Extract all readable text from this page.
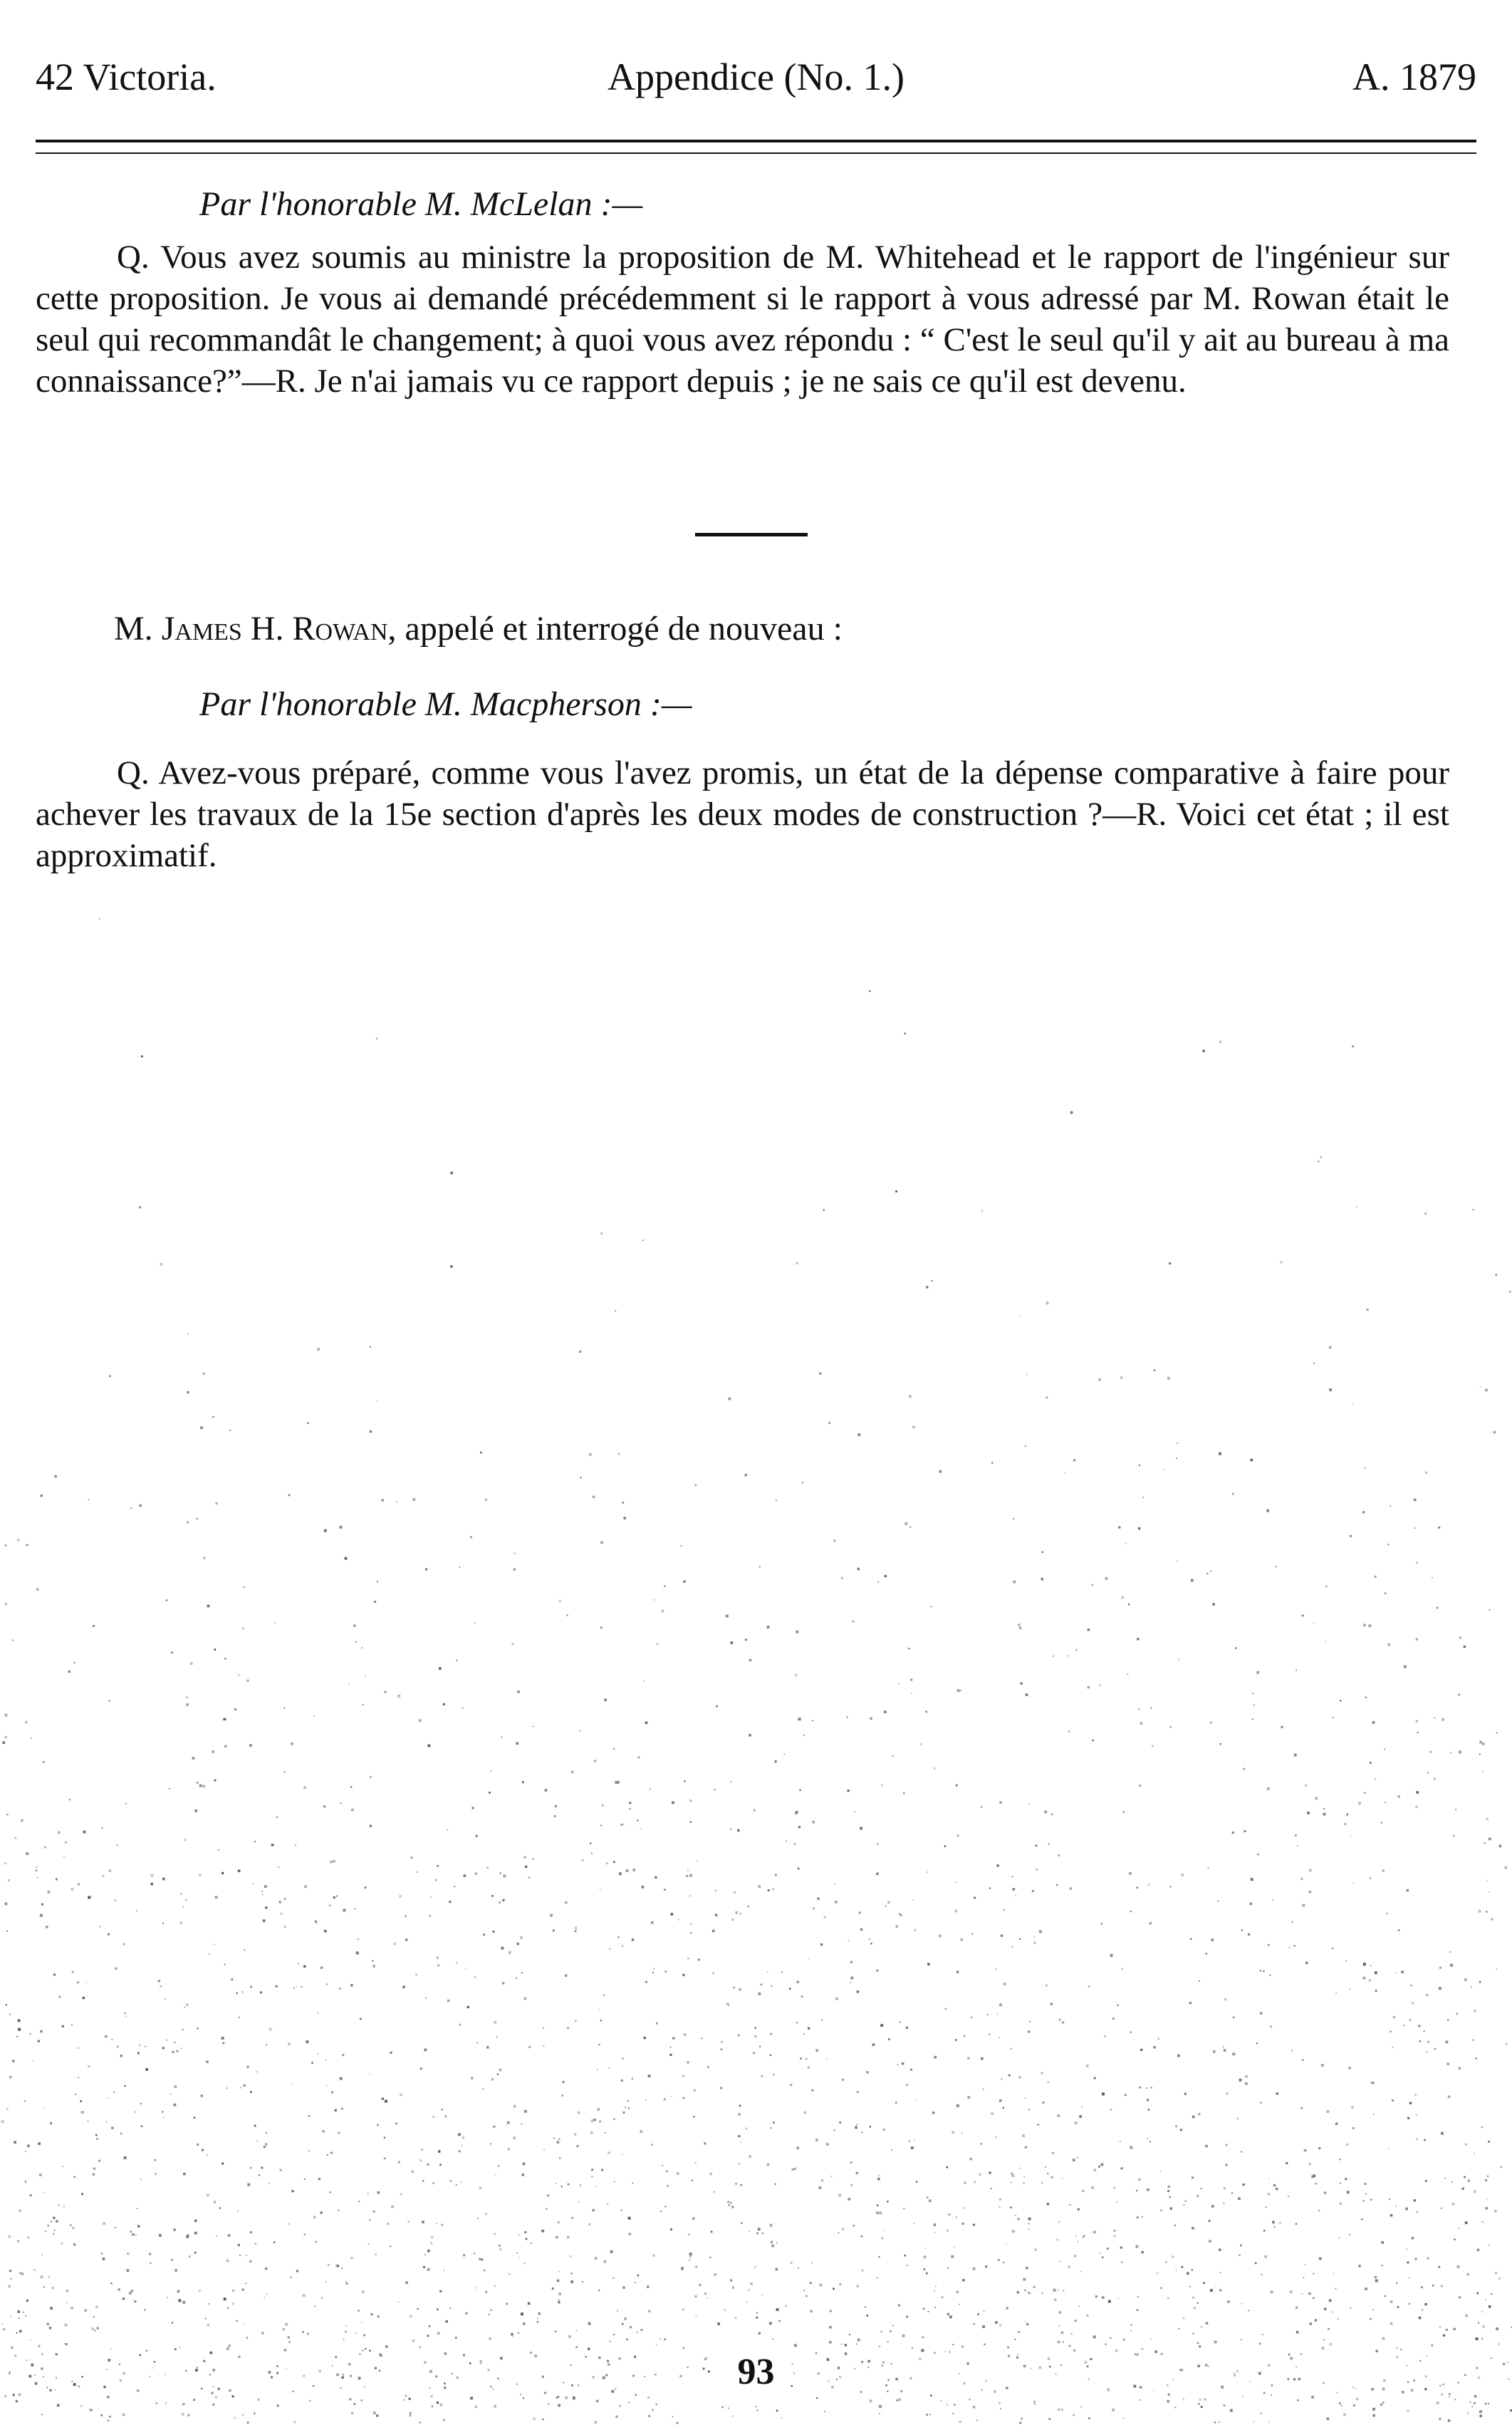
42 Victoria.	Appendice (No. 1.)	A. 1879
Par l'honorable M. McLelan :—

Q. Vous avez soumis au ministre la proposition de M. Whitehead et le rapport de l'ingénieur sur cette proposition. Je vous ai demandé précédemment si le rapport à vous adressé par M. Rowan était le seul qui recommandât le changement; à quoi vous avez répondu : “ C'est le seul qu'il y ait au bureau à ma connaissance?”—R. Je n'ai jamais vu ce rapport depuis ; je ne sais ce qu'il est devenu.

M. James H. Rowan, appelé et interrogé de nouveau :
Par l'honorable M. Macpherson :—

Q. Avez-vous préparé, comme vous l'avez promis, un état de la dépense comparative à faire pour achever les travaux de la 15e section d'après les deux modes de construction ?—R. Voici cet état ; il est approximatif.

93
